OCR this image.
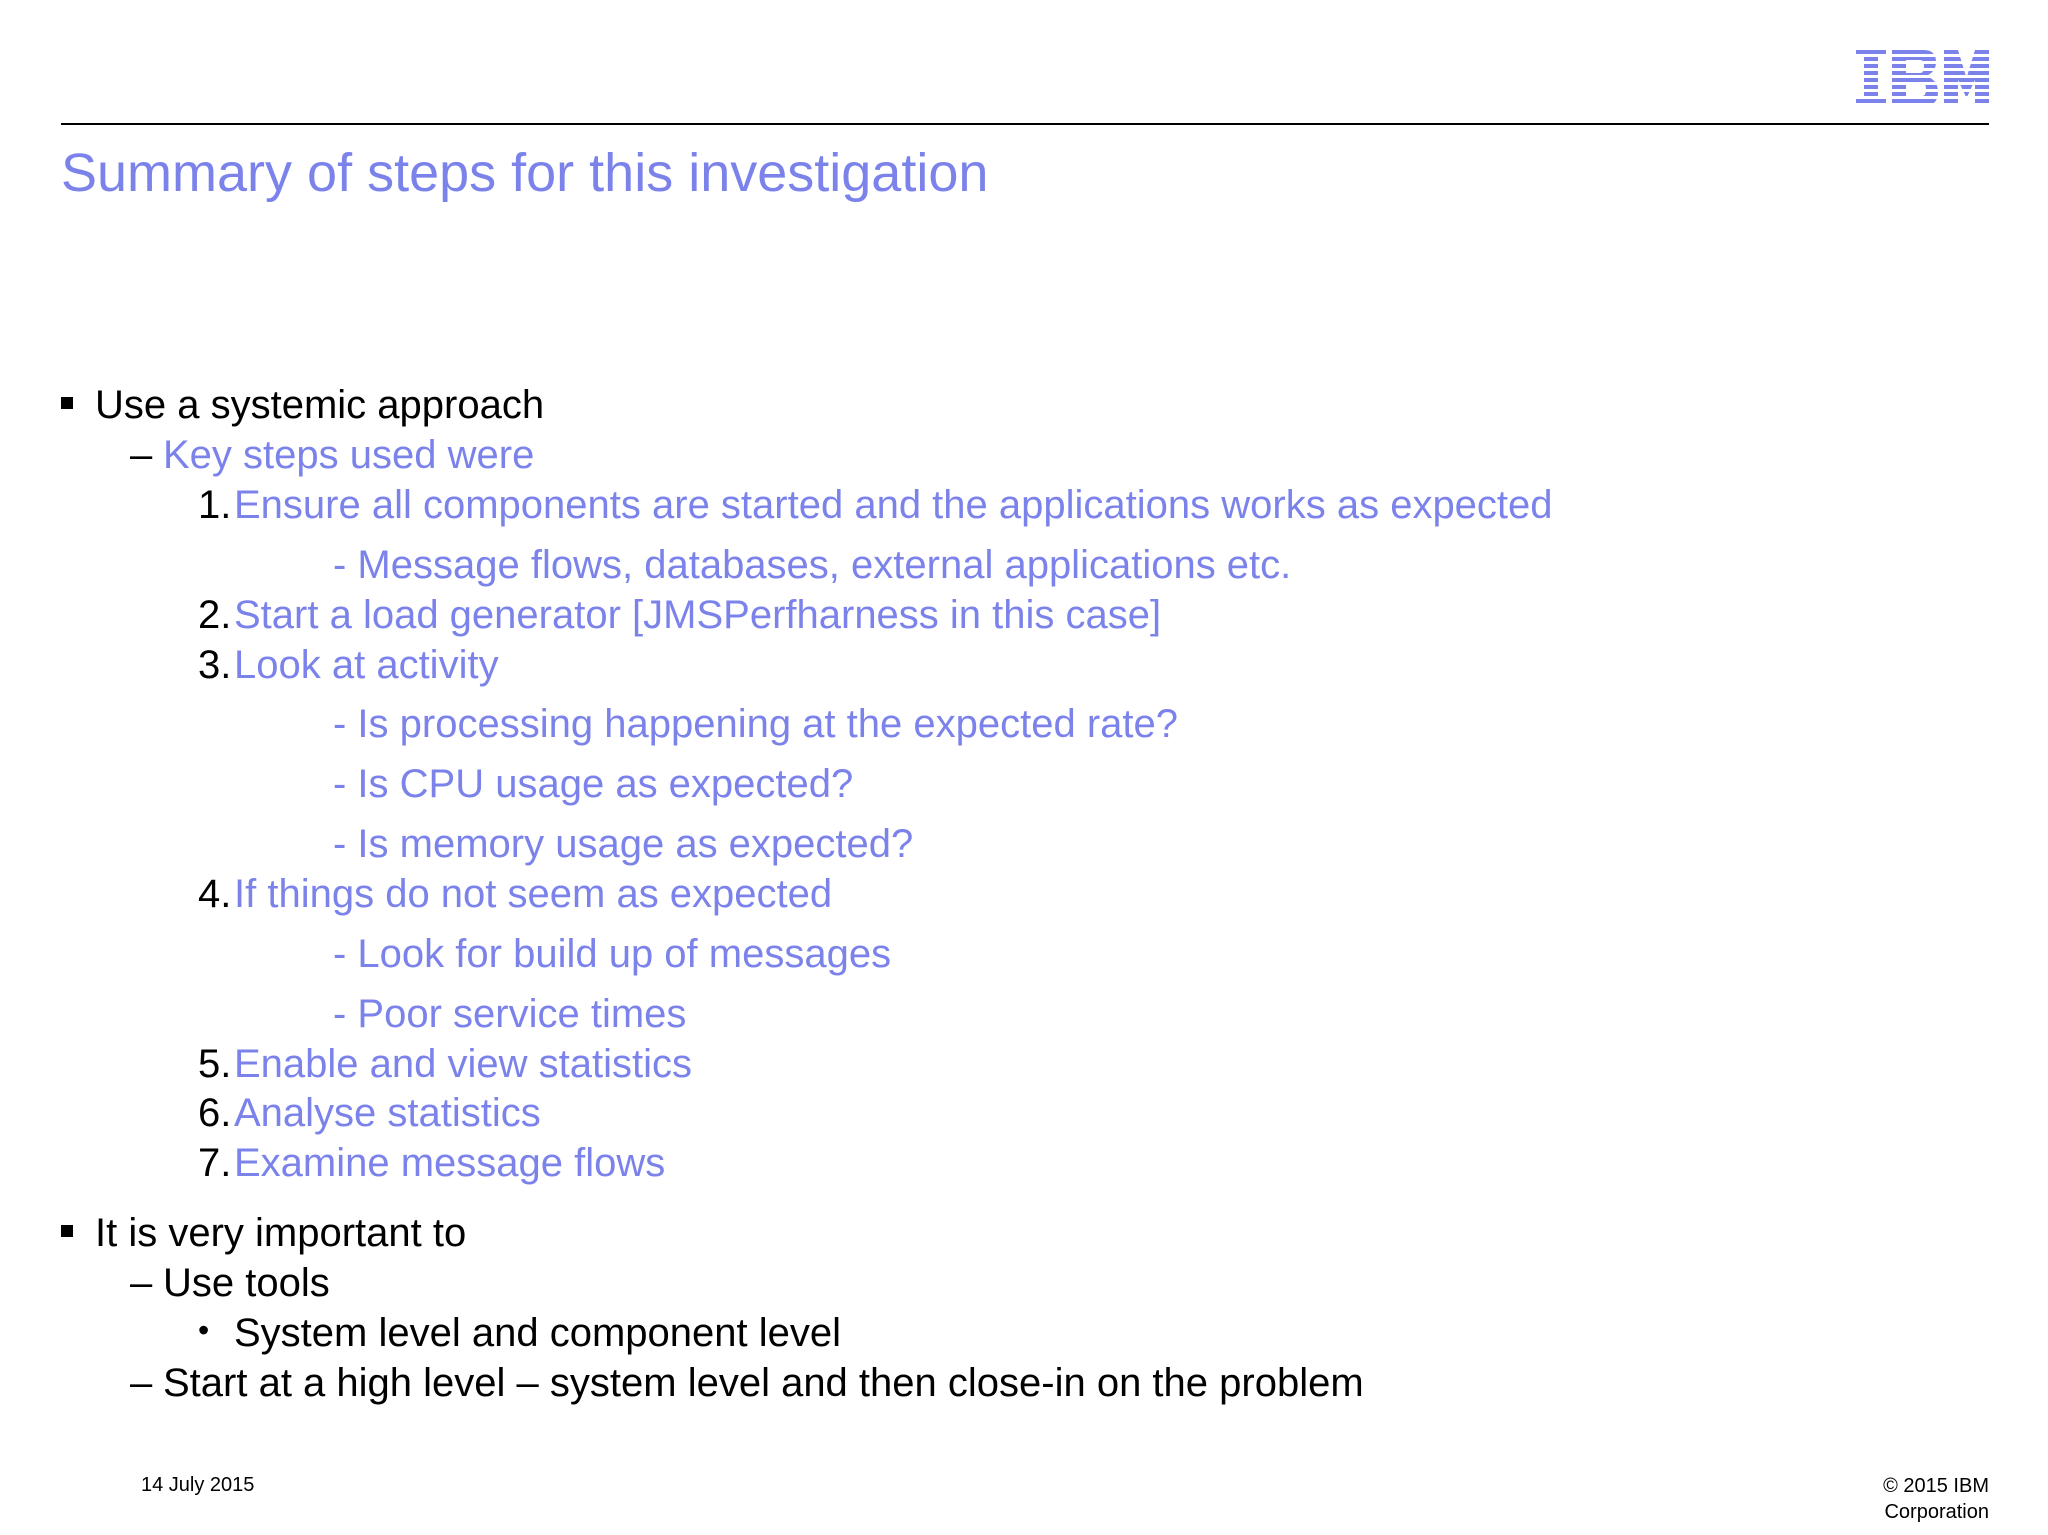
Summary of steps for this investigation
Use a systemic approach
– Key steps used were
1. Ensure all components are started and the applications works as expected
- Message flows, databases, external applications etc.
2. Start a load generator [JMSPerfharness in this case]
3. Look at activity
- Is processing happening at the expected rate?
- Is CPU usage as expected?
- Is memory usage as expected?
4. If things do not seem as expected
- Look for build up of messages
- Poor service times
5. Enable and view statistics
6. Analyse statistics
7. Examine message flows
It is very important to
– Use tools
• System level and component level
– Start at a high level – system level and then close-in on the problem
14 July 2015	© 2015 IBM
Corporation
